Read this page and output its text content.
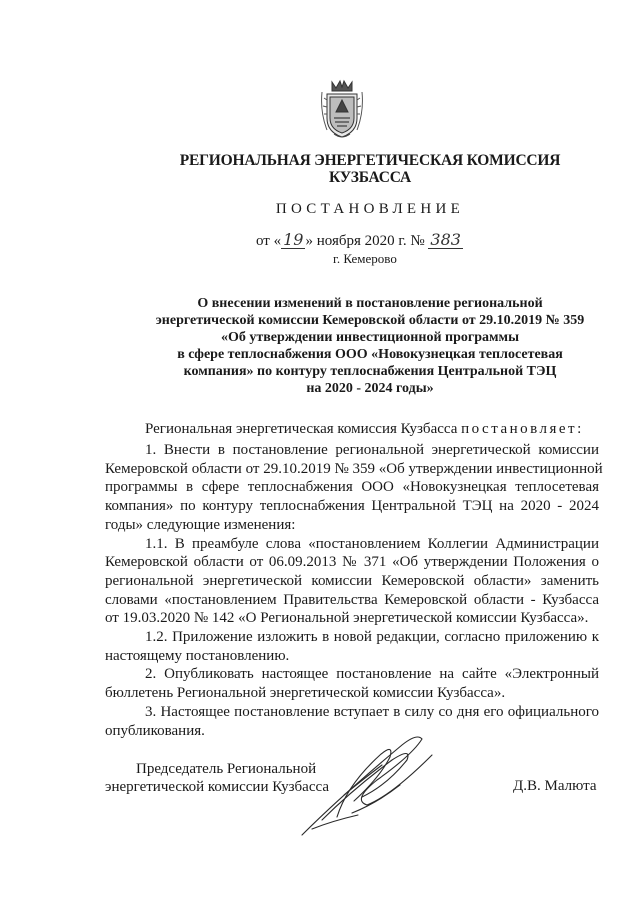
РЕГИОНАЛЬНАЯ ЭНЕРГЕТИЧЕСКАЯ КОМИССИЯ
КУЗБАССА
ПОСТАНОВЛЕНИЕ
от « 19 » ноября 2020 г. № 383
г. Кемерово
О внесении изменений в постановление региональной
энергетической комиссии Кемеровской области от 29.10.2019 № 359
«Об утверждении инвестиционной программы
в сфере теплоснабжения ООО «Новокузнецкая теплосетевая
компания» по контуру теплоснабжения Центральной ТЭЦ
на 2020 - 2024 годы»
Региональная энергетическая комиссия Кузбасса постановляет:
1. Внести в постановление региональной энергетической комиссии
Кемеровской области от 29.10.2019 № 359 «Об утверждении инвестиционной
программы в сфере теплоснабжения ООО «Новокузнецкая теплосетевая
компания» по контуру теплоснабжения Центральной ТЭЦ на 2020 - 2024
годы» следующие изменения:
1.1. В преамбуле слова «постановлением Коллегии Администрации
Кемеровской области от 06.09.2013 № 371 «Об утверждении Положения о
региональной энергетической комиссии Кемеровской области» заменить
словами «постановлением Правительства Кемеровской области - Кузбасса
от 19.03.2020 № 142 «О Региональной энергетической комиссии Кузбасса».
1.2. Приложение изложить в новой редакции, согласно приложению к
настоящему постановлению.
2. Опубликовать настоящее постановление на сайте «Электронный
бюллетень Региональной энергетической комиссии Кузбасса».
3. Настоящее постановление вступает в силу со дня его официального
опубликования.
Председатель Региональной
энергетической комиссии Кузбасса	Д.В. Малюта
